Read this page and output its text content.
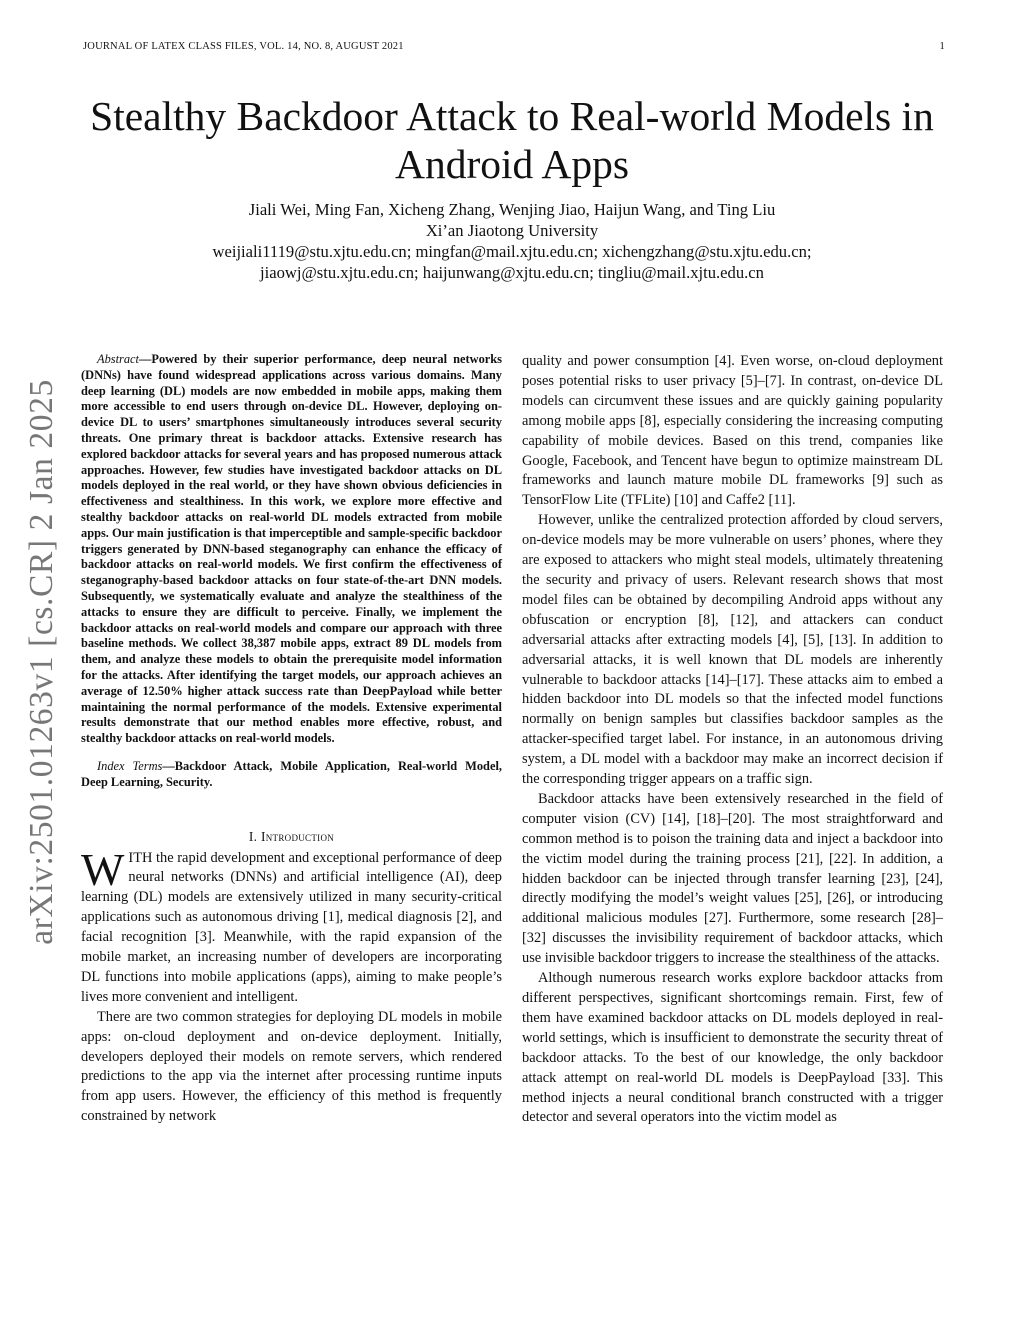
JOURNAL OF LATEX CLASS FILES, VOL. 14, NO. 8, AUGUST 2021	1
arXiv:2501.01263v1 [cs.CR] 2 Jan 2025
Stealthy Backdoor Attack to Real-world Models in Android Apps
Jiali Wei, Ming Fan, Xicheng Zhang, Wenjing Jiao, Haijun Wang, and Ting Liu
Xi’an Jiaotong University
weijiali1119@stu.xjtu.edu.cn; mingfan@mail.xjtu.edu.cn; xichengzhang@stu.xjtu.edu.cn;
jiaowj@stu.xjtu.edu.cn; haijunwang@xjtu.edu.cn; tingliu@mail.xjtu.edu.cn

Abstract—Powered by their superior performance, deep neural networks (DNNs) have found widespread applications across various domains. Many deep learning (DL) models are now embedded in mobile apps, making them more accessible to end users through on-device DL. However, deploying on-device DL to users’ smartphones simultaneously introduces several security threats. One primary threat is backdoor attacks. Extensive research has explored backdoor attacks for several years and has proposed numerous attack approaches. However, few studies have investigated backdoor attacks on DL models deployed in the real world, or they have shown obvious deficiencies in effectiveness and stealthiness. In this work, we explore more effective and stealthy backdoor attacks on real-world DL models extracted from mobile apps. Our main justification is that imperceptible and sample-specific backdoor triggers generated by DNN-based steganography can enhance the efficacy of backdoor attacks on real-world models. We first confirm the effectiveness of steganography-based backdoor attacks on four state-of-the-art DNN models. Subsequently, we systematically evaluate and analyze the stealthiness of the attacks to ensure they are difficult to perceive. Finally, we implement the backdoor attacks on real-world models and compare our approach with three baseline methods. We collect 38,387 mobile apps, extract 89 DL models from them, and analyze these models to obtain the prerequisite model information for the attacks. After identifying the target models, our approach achieves an average of 12.50% higher attack success rate than DeepPayload while better maintaining the normal performance of the models. Extensive experimental results demonstrate that our method enables more effective, robust, and stealthy backdoor attacks on real-world models.

Index Terms—Backdoor Attack, Mobile Application, Real-world Model, Deep Learning, Security.

I. Introduction

WITH the rapid development and exceptional performance of deep neural networks (DNNs) and artificial intelligence (AI), deep learning (DL) models are extensively utilized in many security-critical applications such as autonomous driving [1], medical diagnosis [2], and facial recognition [3]. Meanwhile, with the rapid expansion of the mobile market, an increasing number of developers are incorporating DL functions into mobile applications (apps), aiming to make people’s lives more convenient and intelligent.

There are two common strategies for deploying DL models in mobile apps: on-cloud deployment and on-device deployment. Initially, developers deployed their models on remote servers, which rendered predictions to the app via the internet after processing runtime inputs from app users. However, the efficiency of this method is frequently constrained by network

quality and power consumption [4]. Even worse, on-cloud deployment poses potential risks to user privacy [5]–[7]. In contrast, on-device DL models can circumvent these issues and are quickly gaining popularity among mobile apps [8], especially considering the increasing computing capability of mobile devices. Based on this trend, companies like Google, Facebook, and Tencent have begun to optimize mainstream DL frameworks and launch mature mobile DL frameworks [9] such as TensorFlow Lite (TFLite) [10] and Caffe2 [11].

However, unlike the centralized protection afforded by cloud servers, on-device models may be more vulnerable on users’ phones, where they are exposed to attackers who might steal models, ultimately threatening the security and privacy of users. Relevant research shows that most model files can be obtained by decompiling Android apps without any obfuscation or encryption [8], [12], and attackers can conduct adversarial attacks after extracting models [4], [5], [13]. In addition to adversarial attacks, it is well known that DL models are inherently vulnerable to backdoor attacks [14]–[17]. These attacks aim to embed a hidden backdoor into DL models so that the infected model functions normally on benign samples but classifies backdoor samples as the attacker-specified target label. For instance, in an autonomous driving system, a DL model with a backdoor may make an incorrect decision if the corresponding trigger appears on a traffic sign.

Backdoor attacks have been extensively researched in the field of computer vision (CV) [14], [18]–[20]. The most straightforward and common method is to poison the training data and inject a backdoor into the victim model during the training process [21], [22]. In addition, a hidden backdoor can be injected through transfer learning [23], [24], directly modifying the model’s weight values [25], [26], or introducing additional malicious modules [27]. Furthermore, some research [28]–[32] discusses the invisibility requirement of backdoor attacks, which use invisible backdoor triggers to increase the stealthiness of the attacks.

Although numerous research works explore backdoor attacks from different perspectives, significant shortcomings remain. First, few of them have examined backdoor attacks on DL models deployed in real-world settings, which is insufficient to demonstrate the security threat of backdoor attacks. To the best of our knowledge, the only backdoor attack attempt on real-world DL models is DeepPayload [33]. This method injects a neural conditional branch constructed with a trigger detector and several operators into the victim model as
